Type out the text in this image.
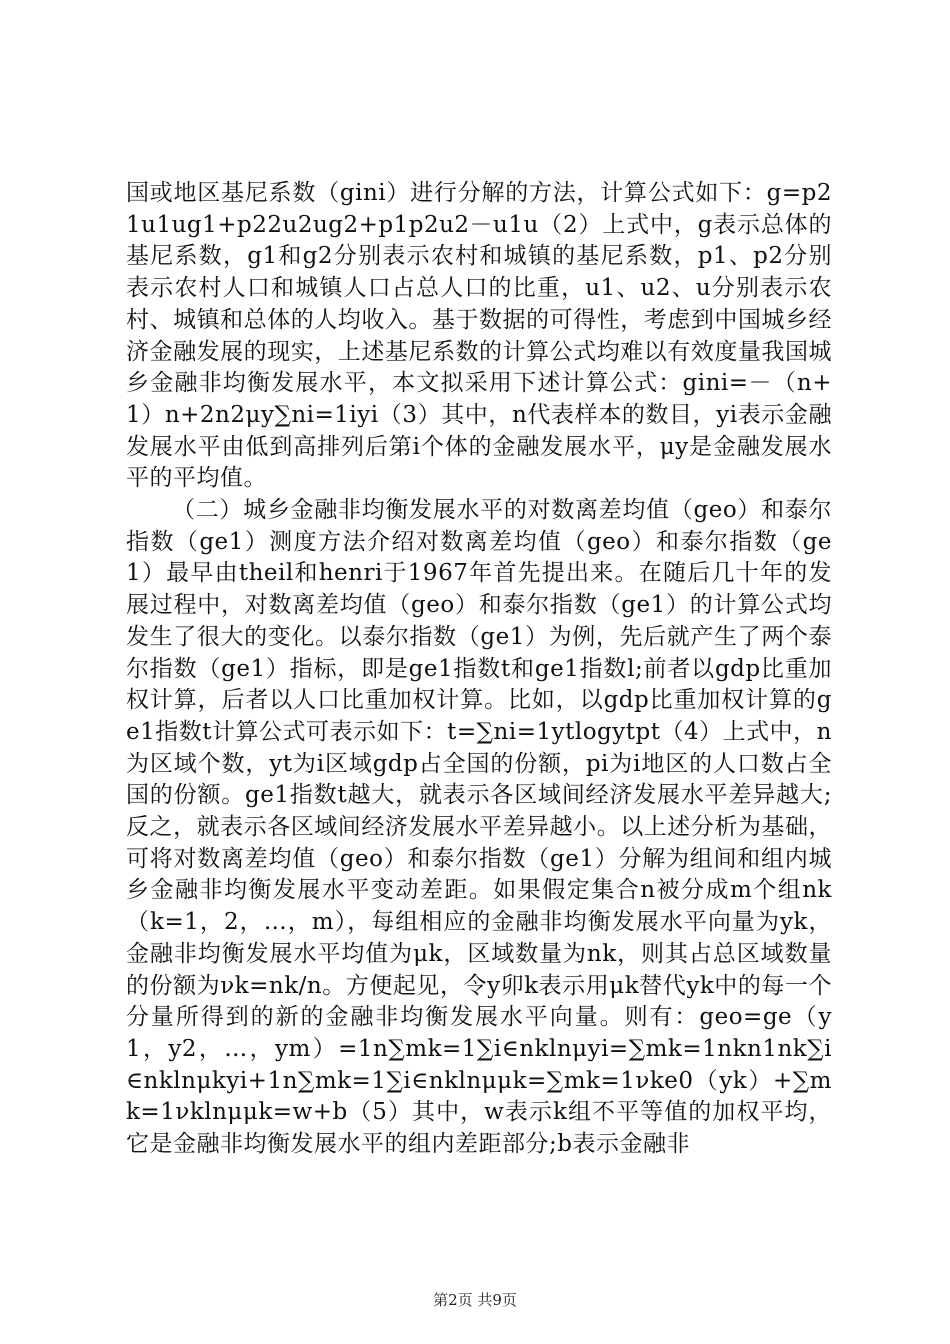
国或地区基尼系数（gini）进行分解的方法，计算公式如下：g=p21u1ug1+p22u2ug2+p1p2u2－u1u（2）上式中，g表示总体的基尼系数，g1和g2分别表示农村和城镇的基尼系数，p1、p2分别表示农村人口和城镇人口占总人口的比重，u1、u2、u分别表示农村、城镇和总体的人均收入。基于数据的可得性，考虑到中国城乡经济金融发展的现实，上述基尼系数的计算公式均难以有效度量我国城乡金融非均衡发展水平，本文拟采用下述计算公式：gini=－（n+1）n+2n2μy∑ni=1iyi（3）其中，n代表样本的数目，yi表示金融发展水平由低到高排列后第i个体的金融发展水平，μy是金融发展水平的平均值。

（二）城乡金融非均衡发展水平的对数离差均值（geo）和泰尔指数（ge1）测度方法介绍对数离差均值（geo）和泰尔指数（ge1）最早由theil和henri于1967年首先提出来。在随后几十年的发展过程中，对数离差均值（geo）和泰尔指数（ge1）的计算公式均发生了很大的变化。以泰尔指数（ge1）为例，先后就产生了两个泰尔指数（ge1）指标，即是ge1指数t和ge1指数l;前者以gdp比重加权计算，后者以人口比重加权计算。比如，以gdp比重加权计算的ge1指数t计算公式可表示如下：t=∑ni=1ytlogytpt（4）上式中，n为区域个数，yt为i区域gdp占全国的份额，pi为i地区的人口数占全国的份额。ge1指数t越大，就表示各区域间经济发展水平差异越大;反之，就表示各区域间经济发展水平差异越小。以上述分析为基础，可将对数离差均值（geo）和泰尔指数（ge1）分解为组间和组内城乡金融非均衡发展水平变动差距。如果假定集合n被分成m个组nk（k=1，2，…，m），每组相应的金融非均衡发展水平向量为yk，金融非均衡发展水平均值为μk，区域数量为nk，则其占总区域数量的份额为νk=nk/n。方便起见，令y卯k表示用μk替代yk中的每一个分量所得到的新的金融非均衡发展水平向量。则有：geo=ge（y1，y2，…，ym）=1n∑mk=1∑i∈nklnμyi=∑mk=1nkn1nk∑i∈nklnμkyi+1n∑mk=1∑i∈nklnμμk=∑mk=1νke0（yk）+∑mk=1νklnμμk=w+b（5）其中，w表示k组不平等值的加权平均，它是金融非均衡发展水平的组内差距部分;b表示金融非

第2页 共9页
